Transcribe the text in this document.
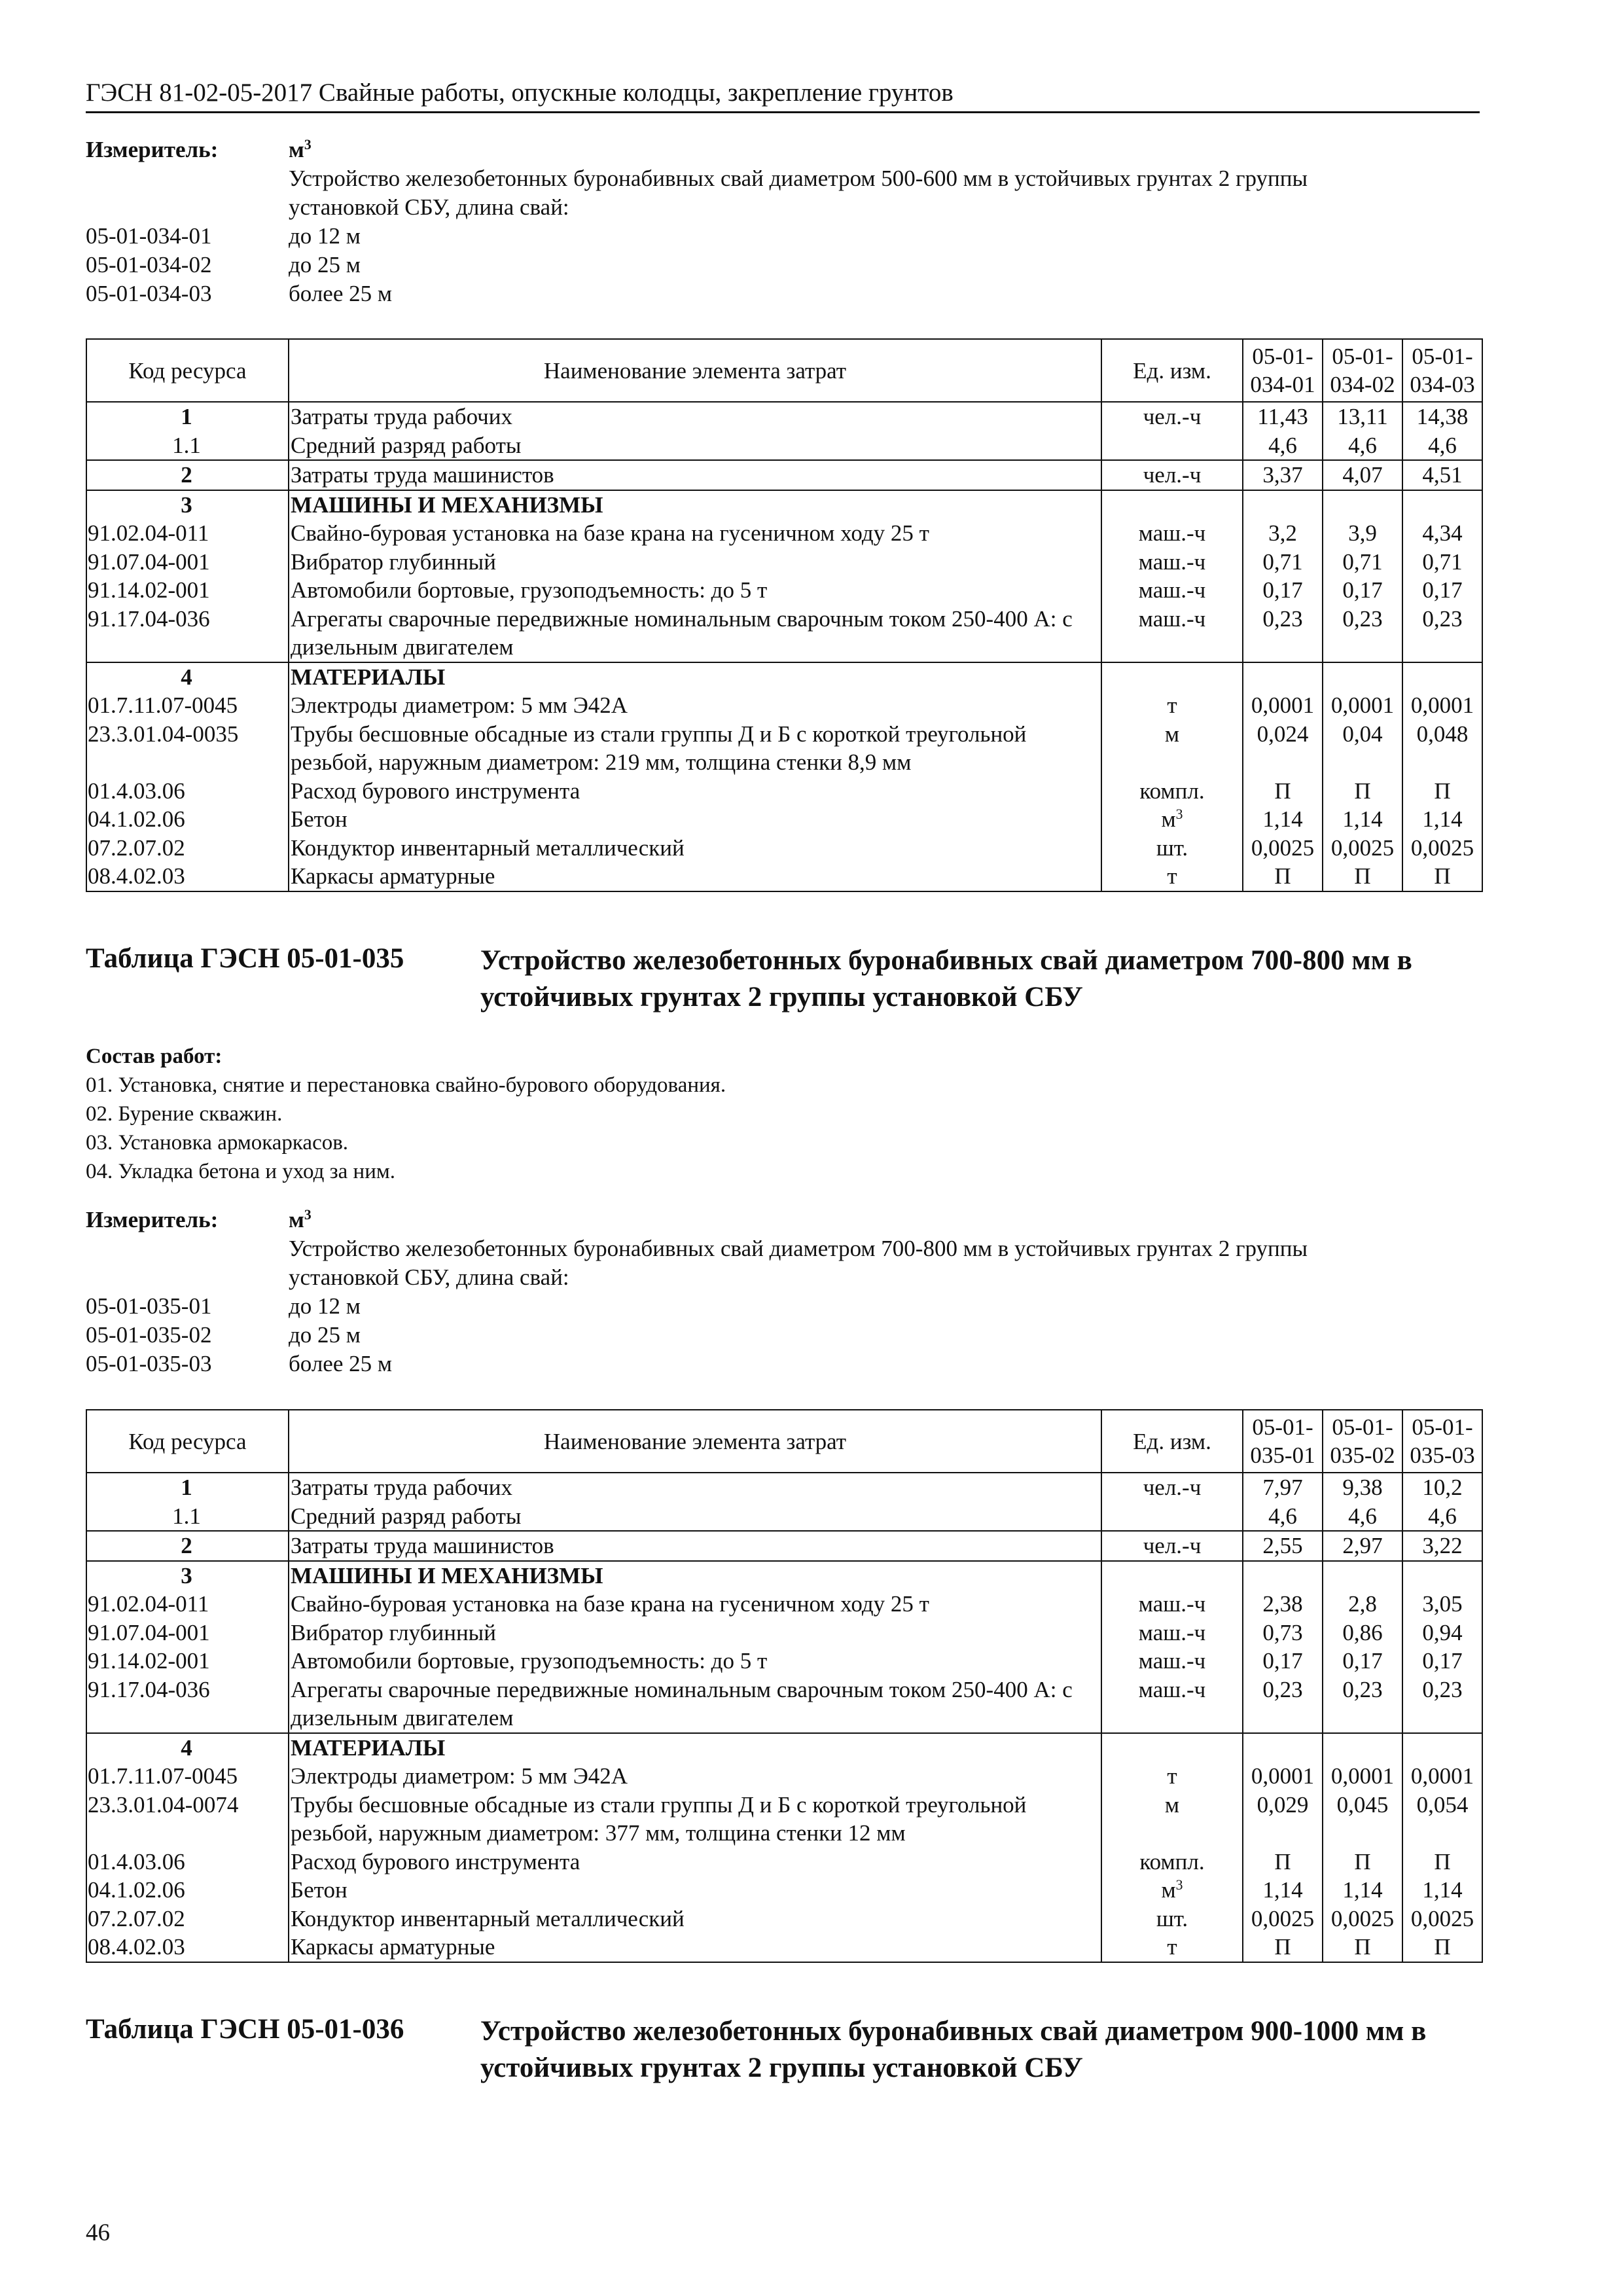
ГЭСН 81-02-05-2017 Свайные работы, опускные колодцы, закрепление грунтов
Измеритель:	$м^3$
Устройство железобетонных буронабивных свай диаметром 500-600 мм в устойчивых грунтах 2 группы
установкой СБУ, длина свай:
05-01-034-01	до 12 м
05-01-034-02	до 25 м
05-01-034-03	более 25 м
Код ресурса	Наименование элемента затрат	Ед. изм.	05-01- 034-01	05-01- 034-02	05-01- 034-03
1	Затраты труда рабочих	чел.-ч	11,43	13,11	14,38
1.1	Средний разряд работы		4,6	4,6	4,6
2	Затраты труда машинистов	чел.-ч	3,37	4,07	4,51
3	МАШИНЫ И МЕХАНИЗМЫ				
91.02.04-011	Свайно-буровая установка на базе крана на гусеничном ходу 25 т	маш.-ч	3,2	3,9	4,34
91.07.04-001	Вибратор глубинный	маш.-ч	0,71	0,71	0,71
91.14.02-001	Автомобили бортовые, грузоподъемность: до 5 т	маш.-ч	0,17	0,17	0,17
91.17.04-036	Агрегаты сварочные передвижные номинальным сварочным током 250-400 А: с дизельным двигателем	маш.-ч	0,23	0,23	0,23
4	МАТЕРИАЛЫ				
01.7.11.07-0045	Электроды диаметром: 5 мм Э42А	т	0,0001	0,0001	0,0001
23.3.01.04-0035	Трубы бесшовные обсадные из стали группы Д и Б с короткой треугольной резьбой, наружным диаметром: 219 мм, толщина стенки 8,9 мм	м	0,024	0,04	0,048
01.4.03.06	Расход бурового инструмента	компл.	П	П	П
04.1.02.06	Бетон	$м^3$	1,14	1,14	1,14
07.2.07.02	Кондуктор инвентарный металлический	шт.	0,0025	0,0025	0,0025
08.4.02.03	Каркасы арматурные	т	П	П	П
Таблица ГЭСН 05-01-035	Устройство железобетонных буронабивных свай диаметром 700-800 мм в устойчивых грунтах 2 группы установкой СБУ
Состав работ:
01. Установка, снятие и перестановка свайно-бурового оборудования.
02. Бурение скважин.
03. Установка армокаркасов.
04. Укладка бетона и уход за ним.
Измеритель:	$м^3$
Устройство железобетонных буронабивных свай диаметром 700-800 мм в устойчивых грунтах 2 группы
установкой СБУ, длина свай:
05-01-035-01	до 12 м
05-01-035-02	до 25 м
05-01-035-03	более 25 м
Код ресурса	Наименование элемента затрат	Ед. изм.	05-01- 035-01	05-01- 035-02	05-01- 035-03
1	Затраты труда рабочих	чел.-ч	7,97	9,38	10,2
1.1	Средний разряд работы		4,6	4,6	4,6
2	Затраты труда машинистов	чел.-ч	2,55	2,97	3,22
3	МАШИНЫ И МЕХАНИЗМЫ				
91.02.04-011	Свайно-буровая установка на базе крана на гусеничном ходу 25 т	маш.-ч	2,38	2,8	3,05
91.07.04-001	Вибратор глубинный	маш.-ч	0,73	0,86	0,94
91.14.02-001	Автомобили бортовые, грузоподъемность: до 5 т	маш.-ч	0,17	0,17	0,17
91.17.04-036	Агрегаты сварочные передвижные номинальным сварочным током 250-400 А: с дизельным двигателем	маш.-ч	0,23	0,23	0,23
4	МАТЕРИАЛЫ				
01.7.11.07-0045	Электроды диаметром: 5 мм Э42А	т	0,0001	0,0001	0,0001
23.3.01.04-0074	Трубы бесшовные обсадные из стали группы Д и Б с короткой треугольной резьбой, наружным диаметром: 377 мм, толщина стенки 12 мм	м	0,029	0,045	0,054
01.4.03.06	Расход бурового инструмента	компл.	П	П	П
04.1.02.06	Бетон	$м^3$	1,14	1,14	1,14
07.2.07.02	Кондуктор инвентарный металлический	шт.	0,0025	0,0025	0,0025
08.4.02.03	Каркасы арматурные	т	П	П	П
Таблица ГЭСН 05-01-036	Устройство железобетонных буронабивных свай диаметром 900-1000 мм в устойчивых грунтах 2 группы установкой СБУ
46
